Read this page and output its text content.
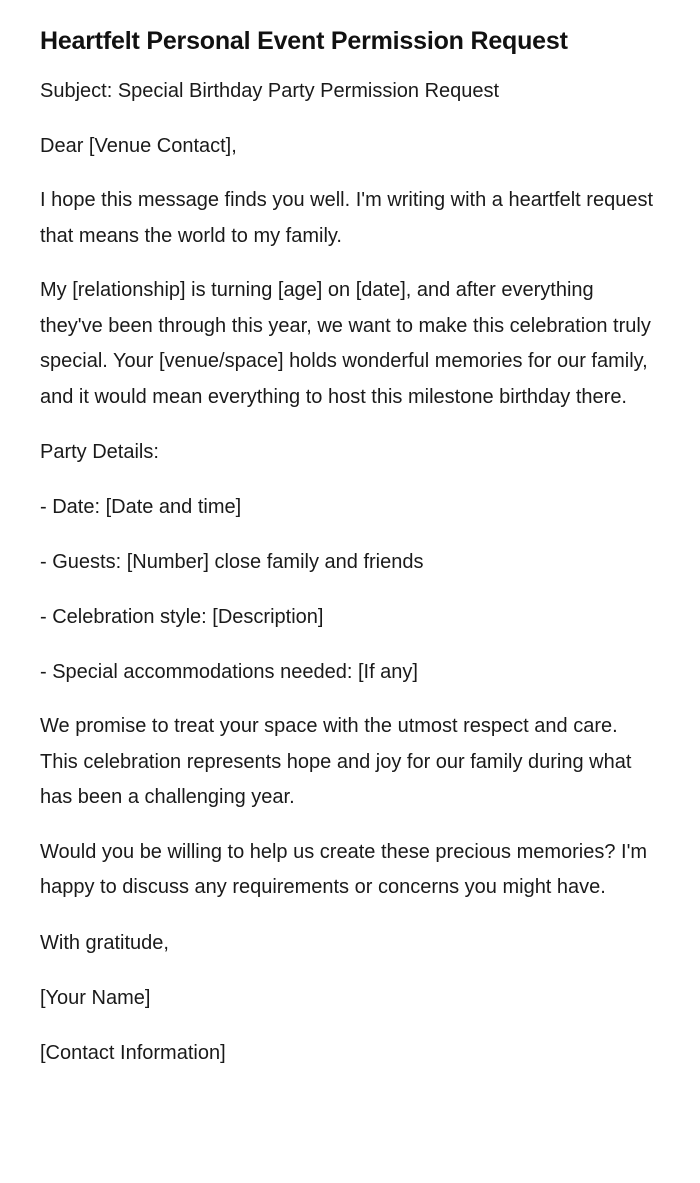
Heartfelt Personal Event Permission Request

Subject: Special Birthday Party Permission Request

Dear [Venue Contact],

I hope this message finds you well. I'm writing with a heartfelt request that means the world to my family.

My [relationship] is turning [age] on [date], and after everything they've been through this year, we want to make this celebration truly special. Your [venue/space] holds wonderful memories for our family, and it would mean everything to host this milestone birthday there.

Party Details:

- Date: [Date and time]

- Guests: [Number] close family and friends

- Celebration style: [Description]

- Special accommodations needed: [If any]

We promise to treat your space with the utmost respect and care. This celebration represents hope and joy for our family during what has been a challenging year.

Would you be willing to help us create these precious memories? I'm happy to discuss any requirements or concerns you might have.

With gratitude,

[Your Name]

[Contact Information]
